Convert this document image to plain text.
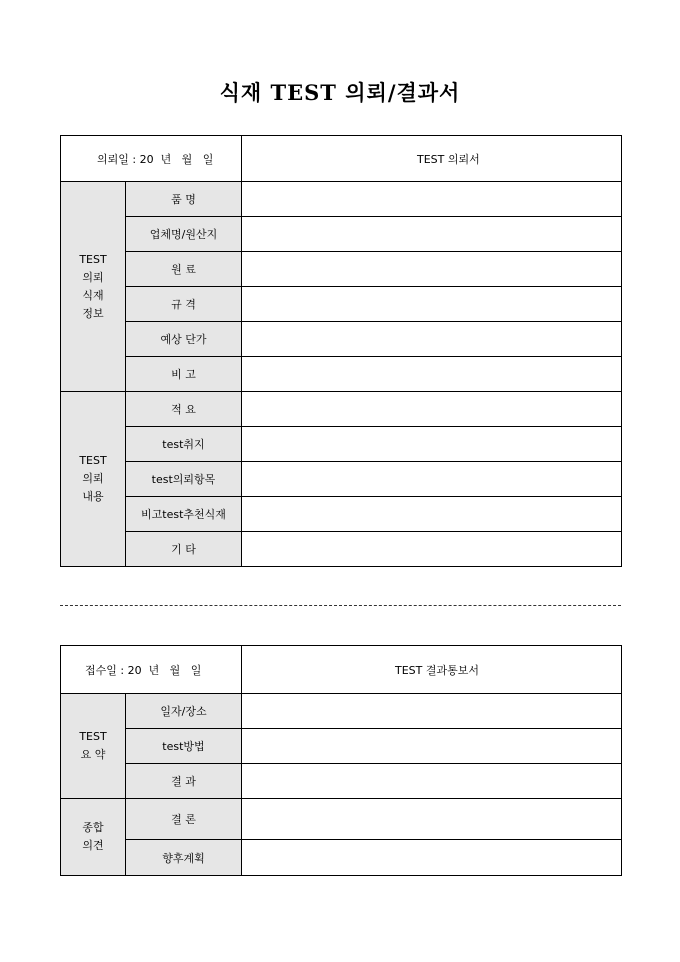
식재 TEST 의뢰/결과서
의뢰일 : 20  년   월   일		TEST 의뢰서

TEST
의뢰
식재
정보	품 명	
	업체명/원산지	
	원 료	
	규 격	
	예상 단가	
	비 고	

TEST
의뢰
내용	적 요	
	test취지	
	test의뢰항목	
	비고test추천식재	
	기 타	
접수일 : 20  년   월   일		TEST 결과통보서

TEST
요 약	일자/장소	
	test방법	
	결 과	

종합
의견	결 론	
	향후계획	
